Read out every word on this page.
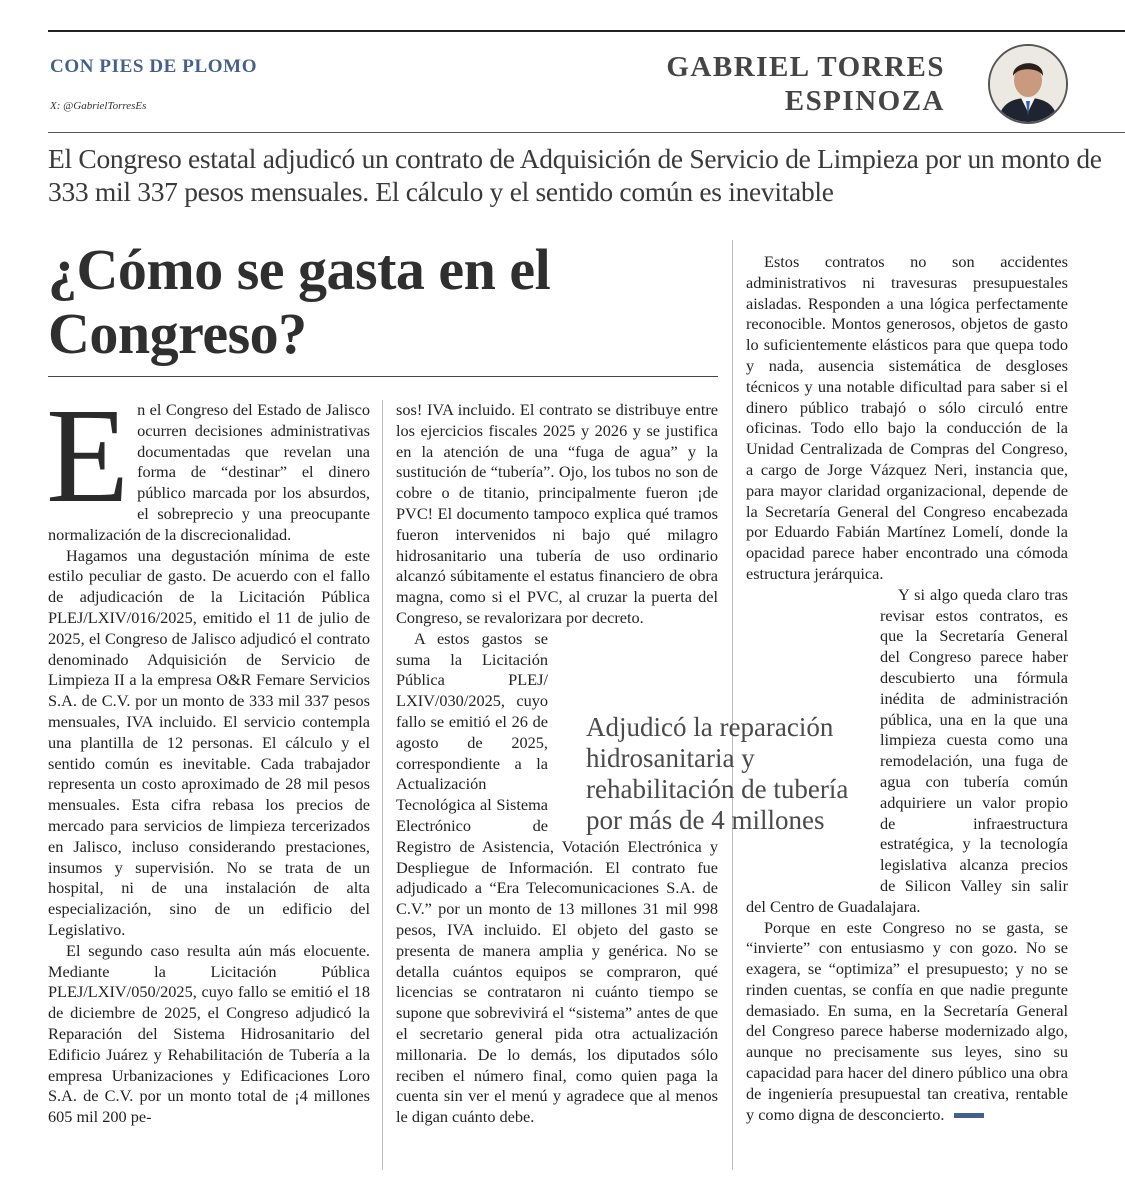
CON PIES DE PLOMO
X: @GabrielTorresEs
GABRIEL TORRES
ESPINOZA
El Congreso estatal adjudicó un contrato de Adquisición de Servicio de Limpieza por un monto de 333 mil 337 pesos mensuales. El cálculo y el sentido común es inevitable
¿Cómo se gasta en el Congreso?

En el Congreso del Estado de Jalisco ocurren decisiones administrativas documentadas que revelan una forma de “destinar” el dinero público marcada por los absurdos, el sobreprecio y una preocupante normalización de la discrecionalidad.

Hagamos una degustación mínima de este estilo peculiar de gasto. De acuerdo con el fallo de adjudicación de la Licitación Pública PLEJ/LXIV/016/2025, emitido el 11 de julio de 2025, el Congreso de Jalisco adjudicó el contrato denominado Adquisición de Servicio de Limpieza II a la empresa O&R Femare Servicios S.A. de C.V. por un monto de 333 mil 337 pesos mensuales, IVA incluido. El servicio contempla una plantilla de 12 personas. El cálculo y el sentido común es inevitable. Cada trabajador representa un costo aproximado de 28 mil pesos mensuales. Esta cifra rebasa los precios de mercado para servicios de limpieza tercerizados en Jalisco, incluso considerando prestaciones, insumos y supervisión. No se trata de un hospital, ni de una instalación de alta especialización, sino de un edificio del Legislativo.

El segundo caso resulta aún más elocuente. Mediante la Licitación Pública PLEJ/LXIV/050/2025, cuyo fallo se emitió el 18 de diciembre de 2025, el Congreso adjudicó la Reparación del Sistema Hidrosanitario del Edificio Juárez y Rehabilitación de Tubería a la empresa Urbanizaciones y Edificaciones Loro S.A. de C.V. por un monto total de ¡4 millones 605 mil 200 pe-

sos! IVA incluido. El contrato se distribuye entre los ejercicios fiscales 2025 y 2026 y se justifica en la atención de una “fuga de agua” y la sustitución de “tubería”. Ojo, los tubos no son de cobre o de titanio, principalmente fueron ¡de PVC! El documento tampoco explica qué tramos fueron intervenidos ni bajo qué milagro hidrosanitario una tubería de uso ordinario alcanzó súbitamente el estatus financiero de obra magna, como si el PVC, al cruzar la puerta del Congreso, se revalorizara por decreto.

A estos gastos se suma la Licitación Pública PLEJ/ LXIV/030/2025, cuyo fallo se emitió el 26 de agosto de 2025, correspondiente a la Actualización Tecnológica al Sistema Electrónico de Registro de Asistencia, Votación Electrónica y Despliegue de Información. El contrato fue adjudicado a “Era Telecomunicaciones S.A. de C.V.” por un monto de 13 millones 31 mil 998 pesos, IVA incluido. El objeto del gasto se presenta de manera amplia y genérica. No se detalla cuántos equipos se compraron, qué licencias se contrataron ni cuánto tiempo se supone que sobrevivirá el “sistema” antes de que el secretario general pida otra actualización millonaria. De lo demás, los diputados sólo reciben el número final, como quien paga la cuenta sin ver el menú y agradece que al menos le digan cuánto debe.

Estos contratos no son accidentes administrativos ni travesuras presupuestales aisladas. Responden a una lógica perfectamente reconocible. Montos generosos, objetos de gasto lo suficientemente elásticos para que quepa todo y nada, ausencia sistemática de desgloses técnicos y una notable dificultad para saber si el dinero público trabajó o sólo circuló entre oficinas. Todo ello bajo la conducción de la Unidad Centralizada de Compras del Congreso, a cargo de Jorge Vázquez Neri, instancia que, para mayor claridad organizacional, depende de la Secretaría General del Congreso encabezada por Eduardo Fabián Martínez Lomelí, donde la opacidad parece haber encontrado una cómoda estructura jerárquica.

Y si algo queda claro tras revisar estos contratos, es que la Secretaría General del Congreso parece haber descubierto una fórmula inédita de administración pública, una en la que una limpieza cuesta como una remodelación, una fuga de agua con tubería común adquiriere un valor propio de infraestructura estratégica, y la tecnología legislativa alcanza precios de Silicon Valley sin salir del Centro de Guadalajara.

Porque en este Congreso no se gasta, se “invierte” con entusiasmo y con gozo. No se exagera, se “optimiza” el presupuesto; y no se rinden cuentas, se confía en que nadie pregunte demasiado. En suma, en la Secretaría General del Congreso parece haberse modernizado algo, aunque no precisamente sus leyes, sino su capacidad para hacer del dinero público una obra de ingeniería presupuestal tan creativa, rentable y como digna de desconcierto.

Adjudicó la reparación hidrosanitaria y rehabilitación de tubería por más de 4 millones
